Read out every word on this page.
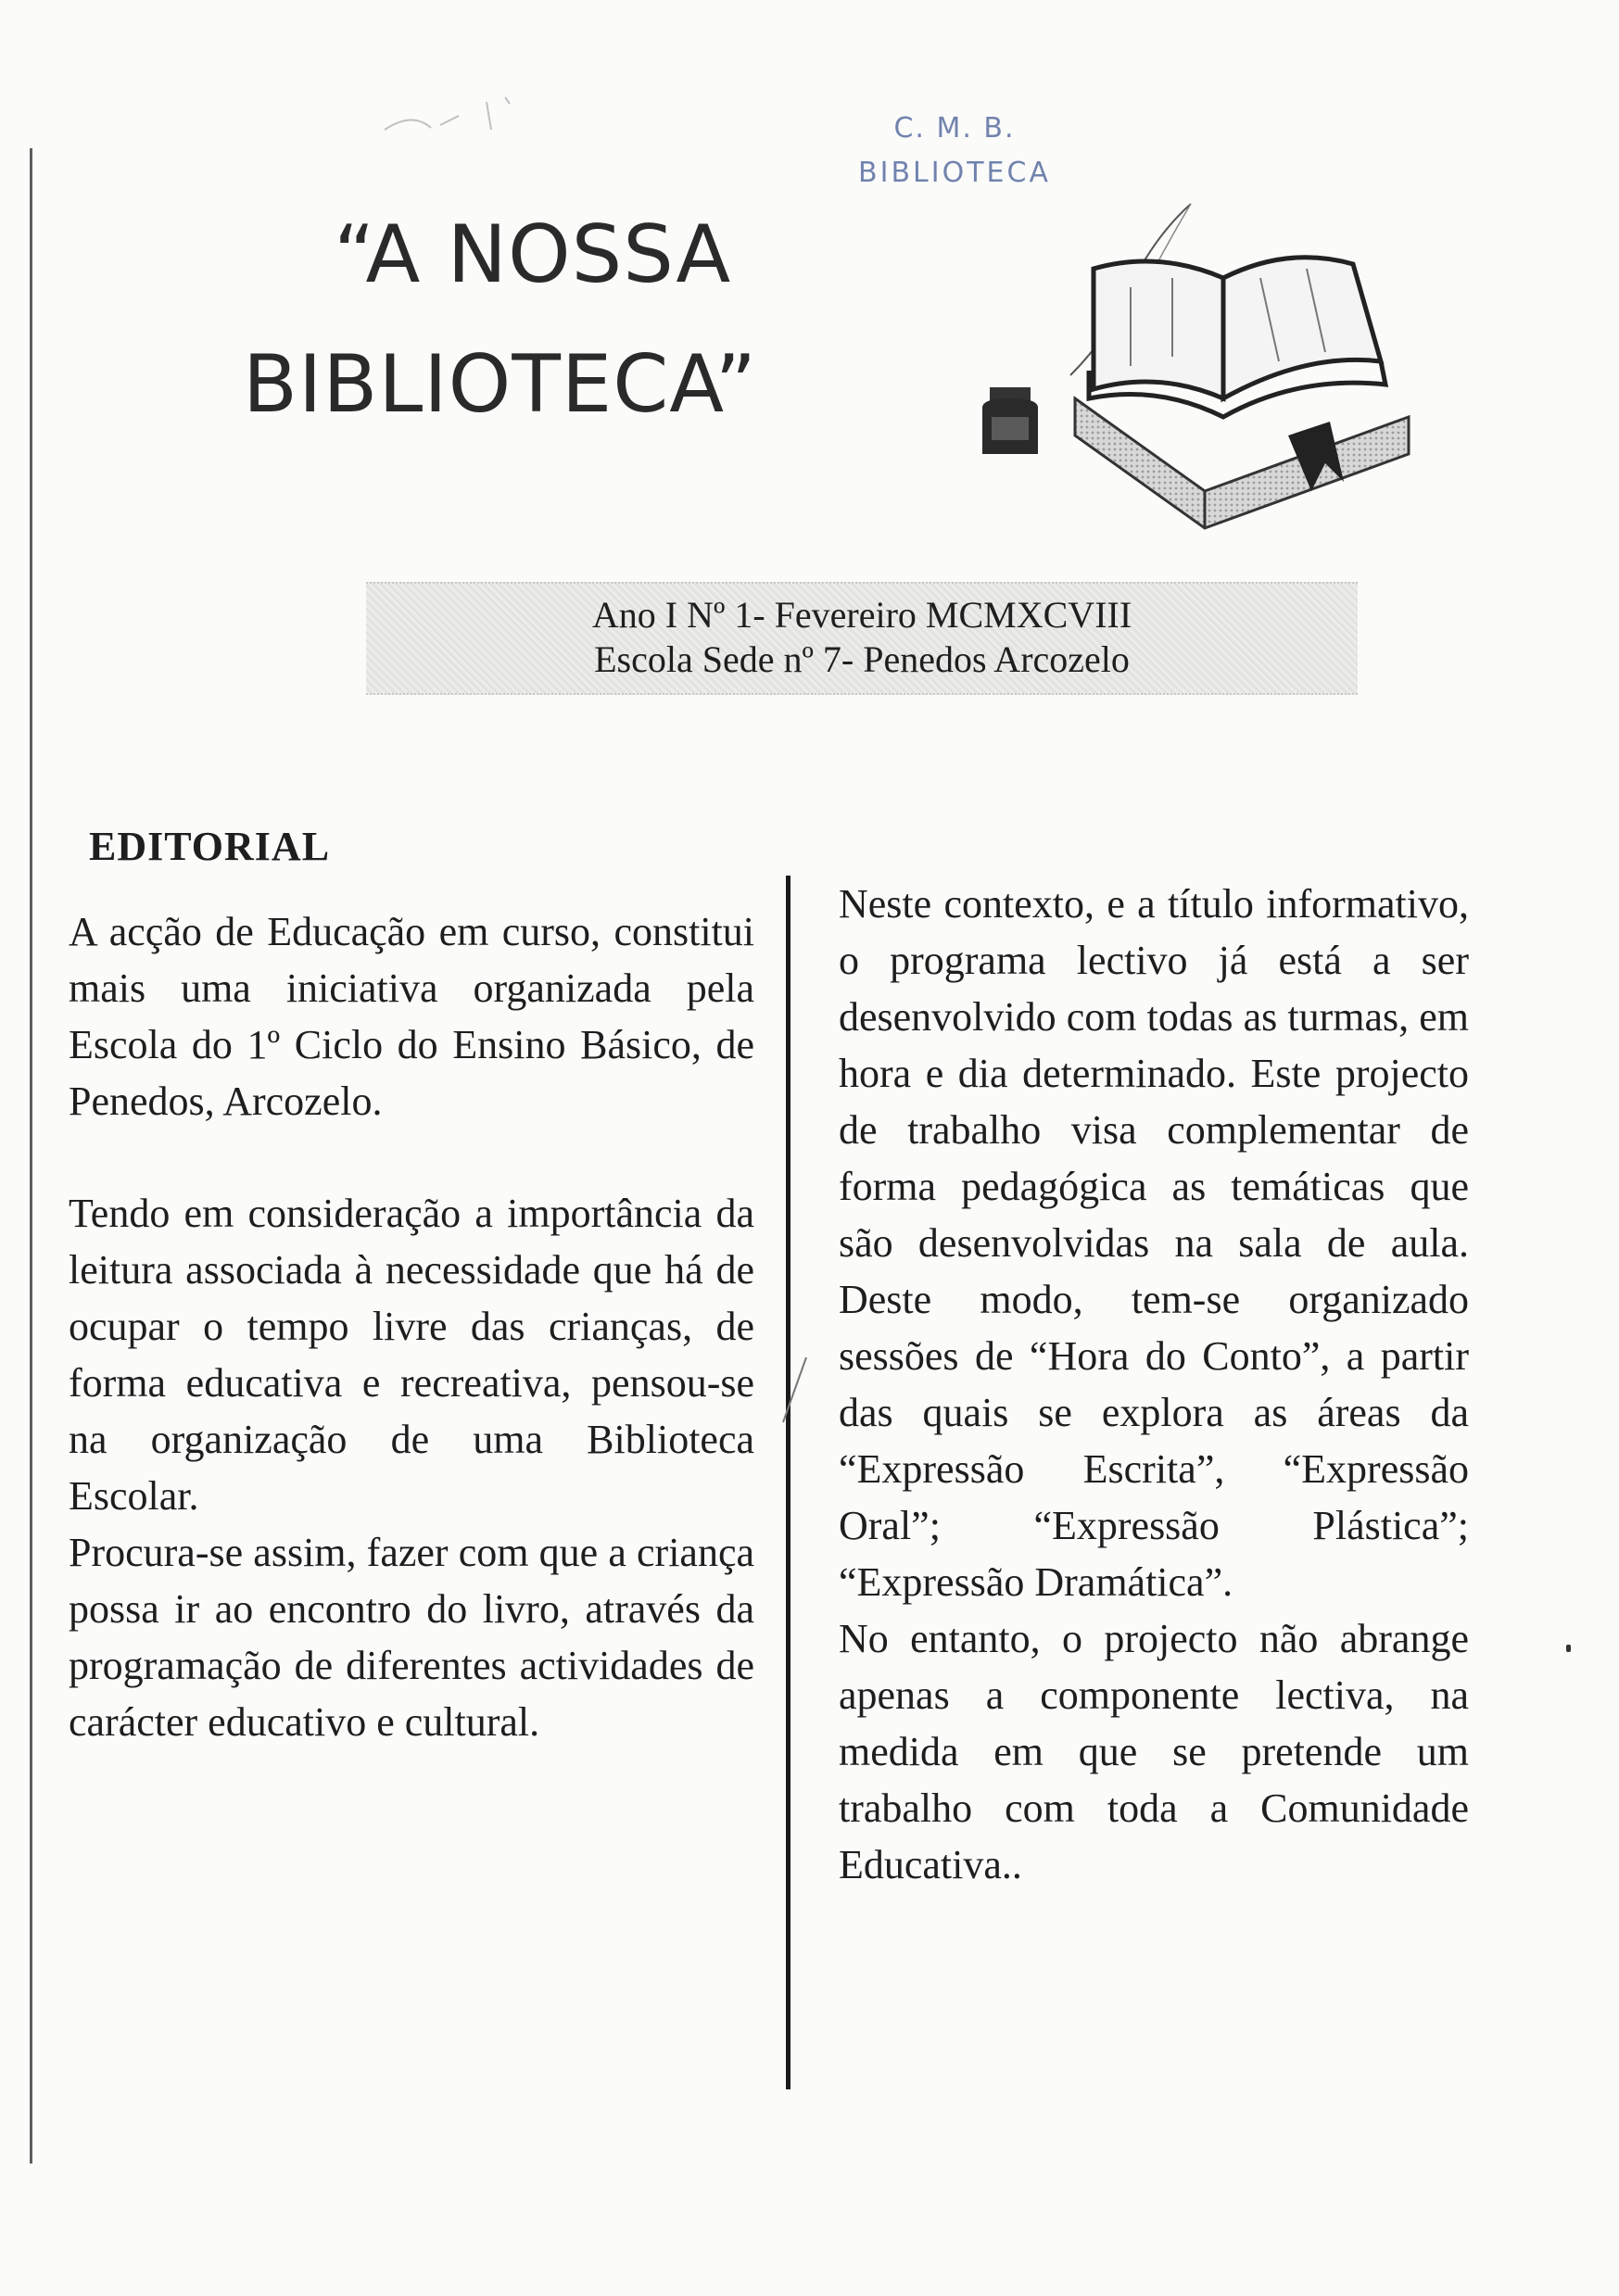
“A NOSSA
BIBLIOTECA”
C. M. B.
BIBLIOTECA
Ano I Nº 1- Fevereiro MCMXCVIII
Escola Sede nº 7- Penedos Arcozelo
EDITORIAL

A acção de Educação em curso, constitui mais uma iniciativa organizada pela Escola do 1º Ciclo do Ensino Básico, de Penedos, Arcozelo.

Tendo em consideração a importância da leitura associada à necessidade que há de ocupar o tempo livre das crianças, de forma educativa e recreativa, pensou-se na organização de uma Biblioteca Escolar.

Procura-se assim, fazer com que a criança possa ir ao encontro do livro, através da programação de diferentes actividades de carácter educativo e cultural.

Neste contexto, e a título informativo, o programa lectivo já está a ser desenvolvido com todas as turmas, em hora e dia determinado. Este projecto de trabalho visa complementar de forma pedagógica as temáticas que são desenvolvidas na sala de aula. Deste modo, tem-se organizado sessões de “Hora do Conto”, a partir das quais se explora as áreas da “Expressão Escrita”, “Expressão Oral”; “Expressão Plástica”; “Expressão Dramática”.

No entanto, o projecto não abrange apenas a componente lectiva, na medida em que se pretende um trabalho com toda a Comunidade Educativa..
